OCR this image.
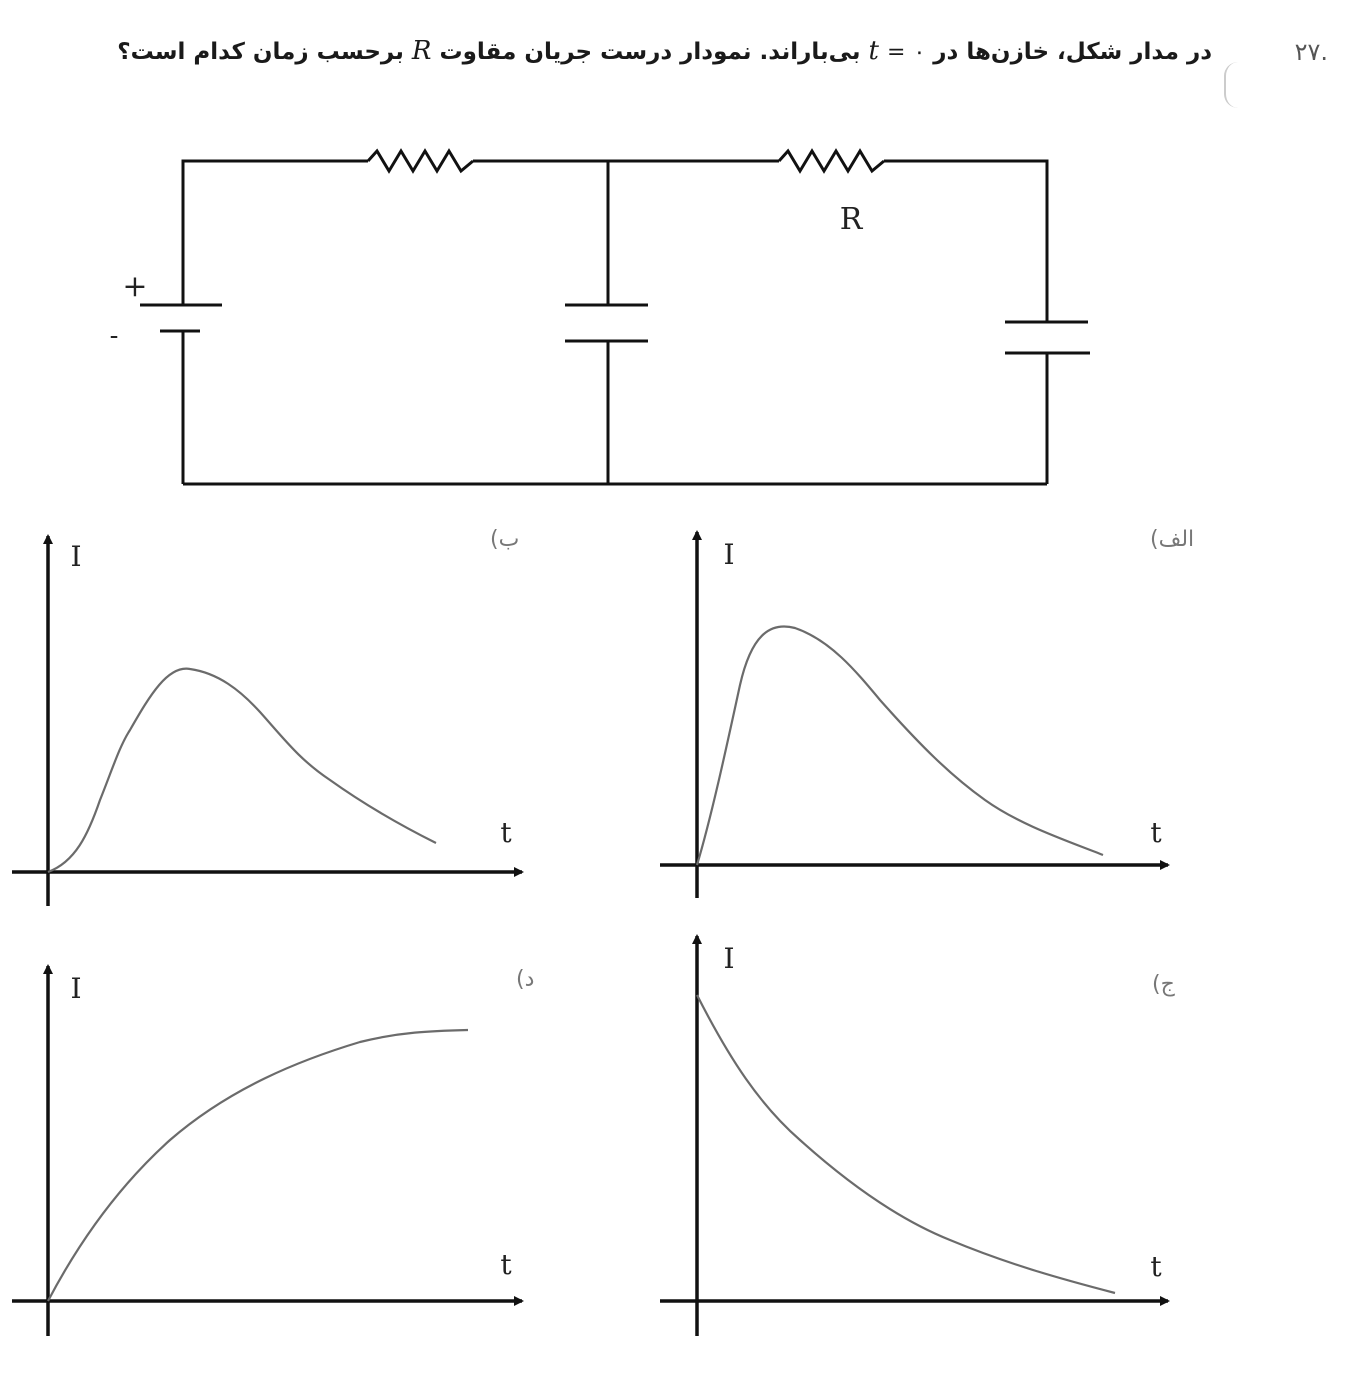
۲۷.
در مدار شکل، خازن‌ها در t = ۰ بی‌باراند. نمودار درست جریان مقاوت R برحسب زمان کدام است؟
R
+
-
I
t
I
t
I
t
I
t
الف)
ب)
ج)
د)
